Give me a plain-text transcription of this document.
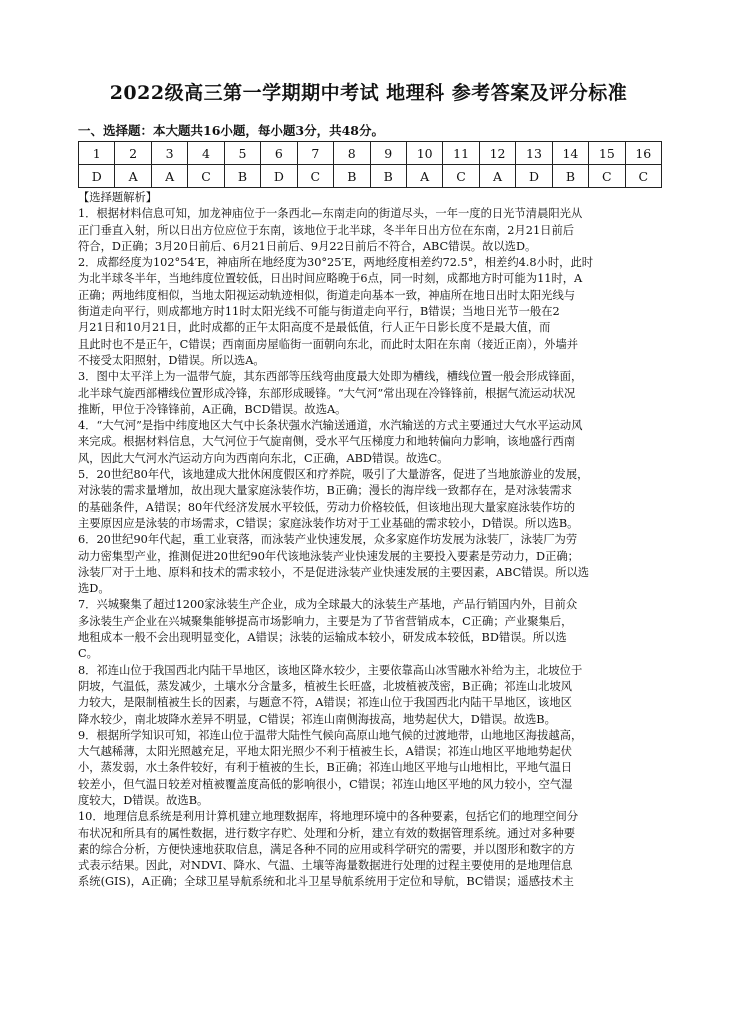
2022级高三第一学期期中考试 地理科 参考答案及评分标准
一、选择题：本大题共16小题，每小题3分，共48分。
1	2	3	4	5	6	7	8	9	10	11	12	13	14	15	16
D	A	A	C	B	D	C	B	B	A	C	A	D	B	C	C

【选择题解析】

1．根据材料信息可知，加龙神庙位于一条西北—东南走向的街道尽头，一年一度的日光节清晨阳光从

正门垂直入射，所以日出方位应位于东南，该地位于北半球，冬半年日出方位在东南，2月21日前后

符合，D正确；3月20日前后、6月21日前后、9月22日前后不符合，ABC错误。故以选D。

2．成都经度为102°54′E，神庙所在地经度为30°25′E，两地经度相差约72.5°，相差约4.8小时，此时

为北半球冬半年，当地纬度位置较低，日出时间应略晚于6点，同一时刻，成都地方时可能为11时，A

正确；两地纬度相似，当地太阳视运动轨迹相似，街道走向基本一致，神庙所在地日出时太阳光线与

街道走向平行，则成都地方时11时太阳光线不可能与街道走向平行，B错误；当地日光节一般在2

月21日和10月21日，此时成都的正午太阳高度不是最低值，行人正午日影长度不是最大值，而

且此时也不是正午，C错误；西南面房屋临街一面朝向东北，而此时太阳在东南（接近正南），外墙并

不接受太阳照射，D错误。所以选A。

3．图中太平洋上为一温带气旋，其东西部等压线弯曲度最大处即为槽线，槽线位置一般会形成锋面，

北半球气旋西部槽线位置形成冷锋，东部形成暖锋。“大气河”常出现在冷锋锋前，根据气流运动状况

推断，甲位于冷锋锋前，A正确，BCD错误。故选A。

4．“大气河”是指中纬度地区大气中长条状强水汽输送通道，水汽输送的方式主要通过大气水平运动风

来完成。根据材料信息，大气河位于气旋南侧，受水平气压梯度力和地转偏向力影响，该地盛行西南

风，因此大气河水汽运动方向为西南向东北，C正确，ABD错误。故选C。

5．20世纪80年代，该地建成大批休闲度假区和疗养院，吸引了大量游客，促进了当地旅游业的发展，

对泳装的需求量增加，故出现大量家庭泳装作坊，B正确；漫长的海岸线一致都存在，是对泳装需求

的基础条件，A错误；80年代经济发展水平较低，劳动力价格较低，但该地出现大量家庭泳装作坊的

主要原因应是泳装的市场需求，C错误；家庭泳装作坊对于工业基础的需求较小，D错误。所以选B。

6．20世纪90年代起，重工业衰落，而泳装产业快速发展，众多家庭作坊发展为泳装厂，泳装厂为劳

动力密集型产业，推测促进20世纪90年代该地泳装产业快速发展的主要投入要素是劳动力，D正确；

泳装厂对于土地、原料和技术的需求较小，不是促进泳装产业快速发展的主要因素，ABC错误。所以选

选D。

7．兴城聚集了超过1200家泳装生产企业，成为全球最大的泳装生产基地，产品行销国内外，目前众

多泳装生产企业在兴城聚集能够提高市场影响力，主要是为了节省营销成本，C正确；产业聚集后，

地租成本一般不会出现明显变化，A错误；泳装的运输成本较小，研发成本较低，BD错误。所以选

C。

8．祁连山位于我国西北内陆干旱地区，该地区降水较少，主要依靠高山冰雪融水补给为主，北坡位于

阴坡，气温低，蒸发减少，土壤水分含量多，植被生长旺盛，北坡植被茂密，B正确；祁连山北坡风

力较大，是限制植被生长的因素，与题意不符，A错误；祁连山位于我国西北内陆干旱地区，该地区

降水较少，南北坡降水差异不明显，C错误；祁连山南侧海拔高，地势起伏大，D错误。故选B。

9．根据所学知识可知，祁连山位于温带大陆性气候向高原山地气候的过渡地带，山地地区海拔越高，

大气越稀薄，太阳光照越充足，平地太阳光照少不利于植被生长，A错误；祁连山地区平地地势起伏

小，蒸发弱，水土条件较好，有利于植被的生长，B正确；祁连山地区平地与山地相比，平地气温日

较差小，但气温日较差对植被覆盖度高低的影响很小，C错误；祁连山地区平地的风力较小，空气湿

度较大，D错误。故选B。

10．地理信息系统是利用计算机建立地理数据库，将地理环境中的各种要素，包括它们的地理空间分

布状况和所具有的属性数据，进行数字存贮、处理和分析，建立有效的数据管理系统。通过对多种要

素的综合分析，方便快速地获取信息，满足各种不同的应用或科学研究的需要，并以图形和数字的方

式表示结果。因此，对NDVI、降水、气温、土壤等海量数据进行处理的过程主要使用的是地理信息

系统(GIS)，A正确；全球卫星导航系统和北斗卫星导航系统用于定位和导航，BC错误；遥感技术主
